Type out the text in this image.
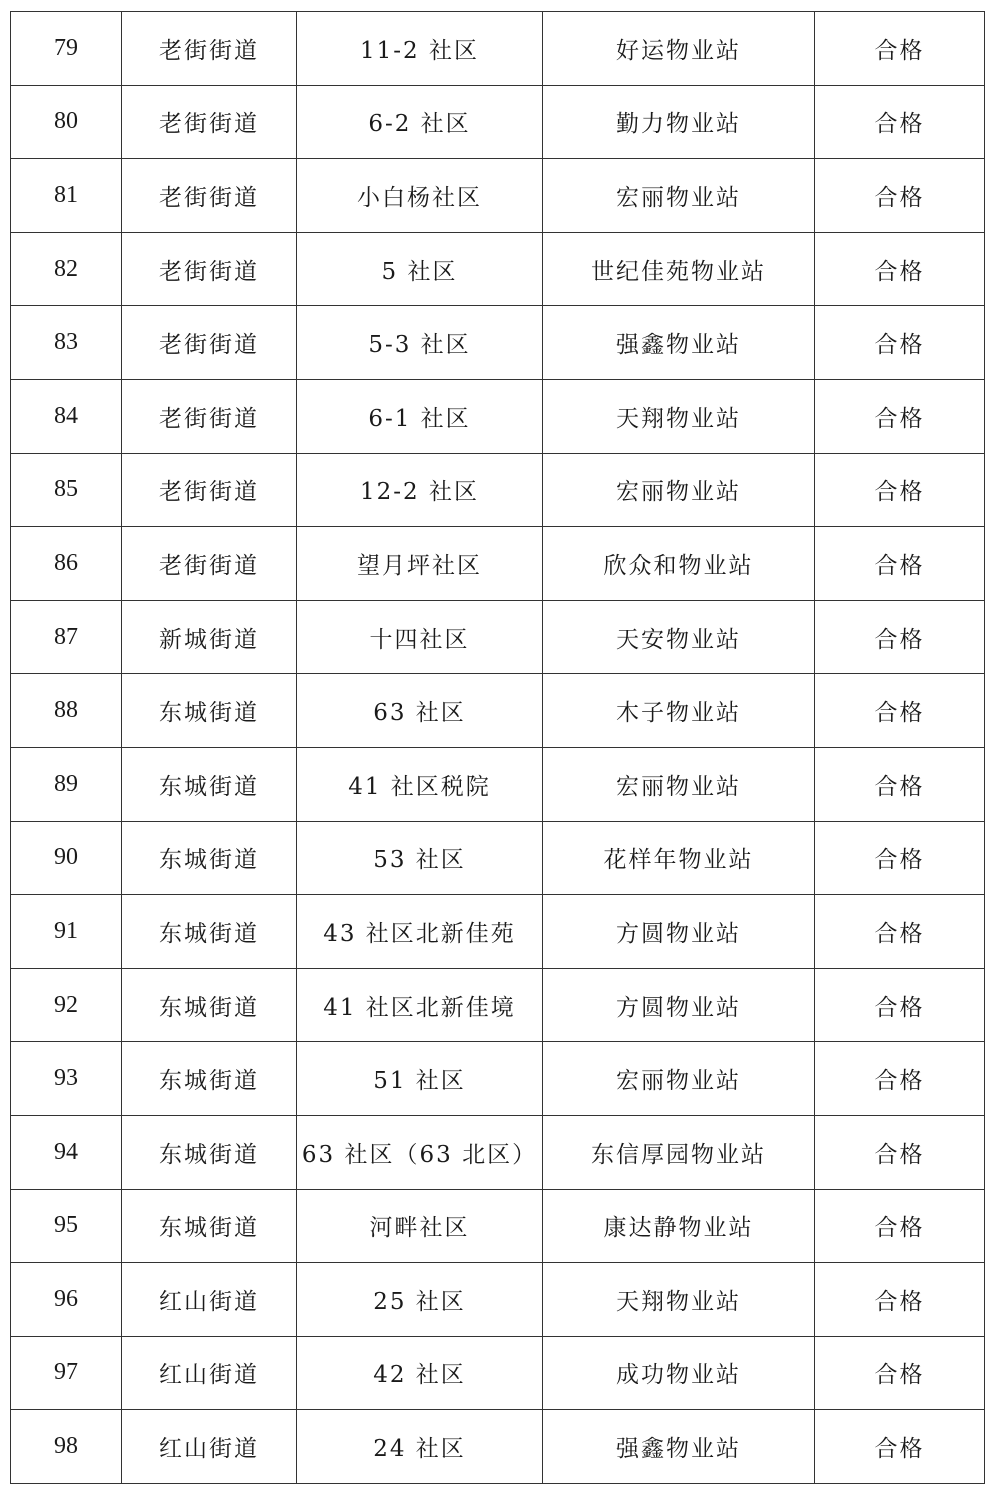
79	老街街道	11-2 社区	好运物业站	合格
80	老街街道	6-2 社区	勤力物业站	合格
81	老街街道	小白杨社区	宏丽物业站	合格
82	老街街道	5 社区	世纪佳苑物业站	合格
83	老街街道	5-3 社区	强鑫物业站	合格
84	老街街道	6-1 社区	天翔物业站	合格
85	老街街道	12-2 社区	宏丽物业站	合格
86	老街街道	望月坪社区	欣众和物业站	合格
87	新城街道	十四社区	天安物业站	合格
88	东城街道	63 社区	木子物业站	合格
89	东城街道	41 社区税院	宏丽物业站	合格
90	东城街道	53 社区	花样年物业站	合格
91	东城街道	43 社区北新佳苑	方圆物业站	合格
92	东城街道	41 社区北新佳境	方圆物业站	合格
93	东城街道	51 社区	宏丽物业站	合格
94	东城街道	63 社区（63 北区）	东信厚园物业站	合格
95	东城街道	河畔社区	康达静物业站	合格
96	红山街道	25 社区	天翔物业站	合格
97	红山街道	42 社区	成功物业站	合格
98	红山街道	24 社区	强鑫物业站	合格
